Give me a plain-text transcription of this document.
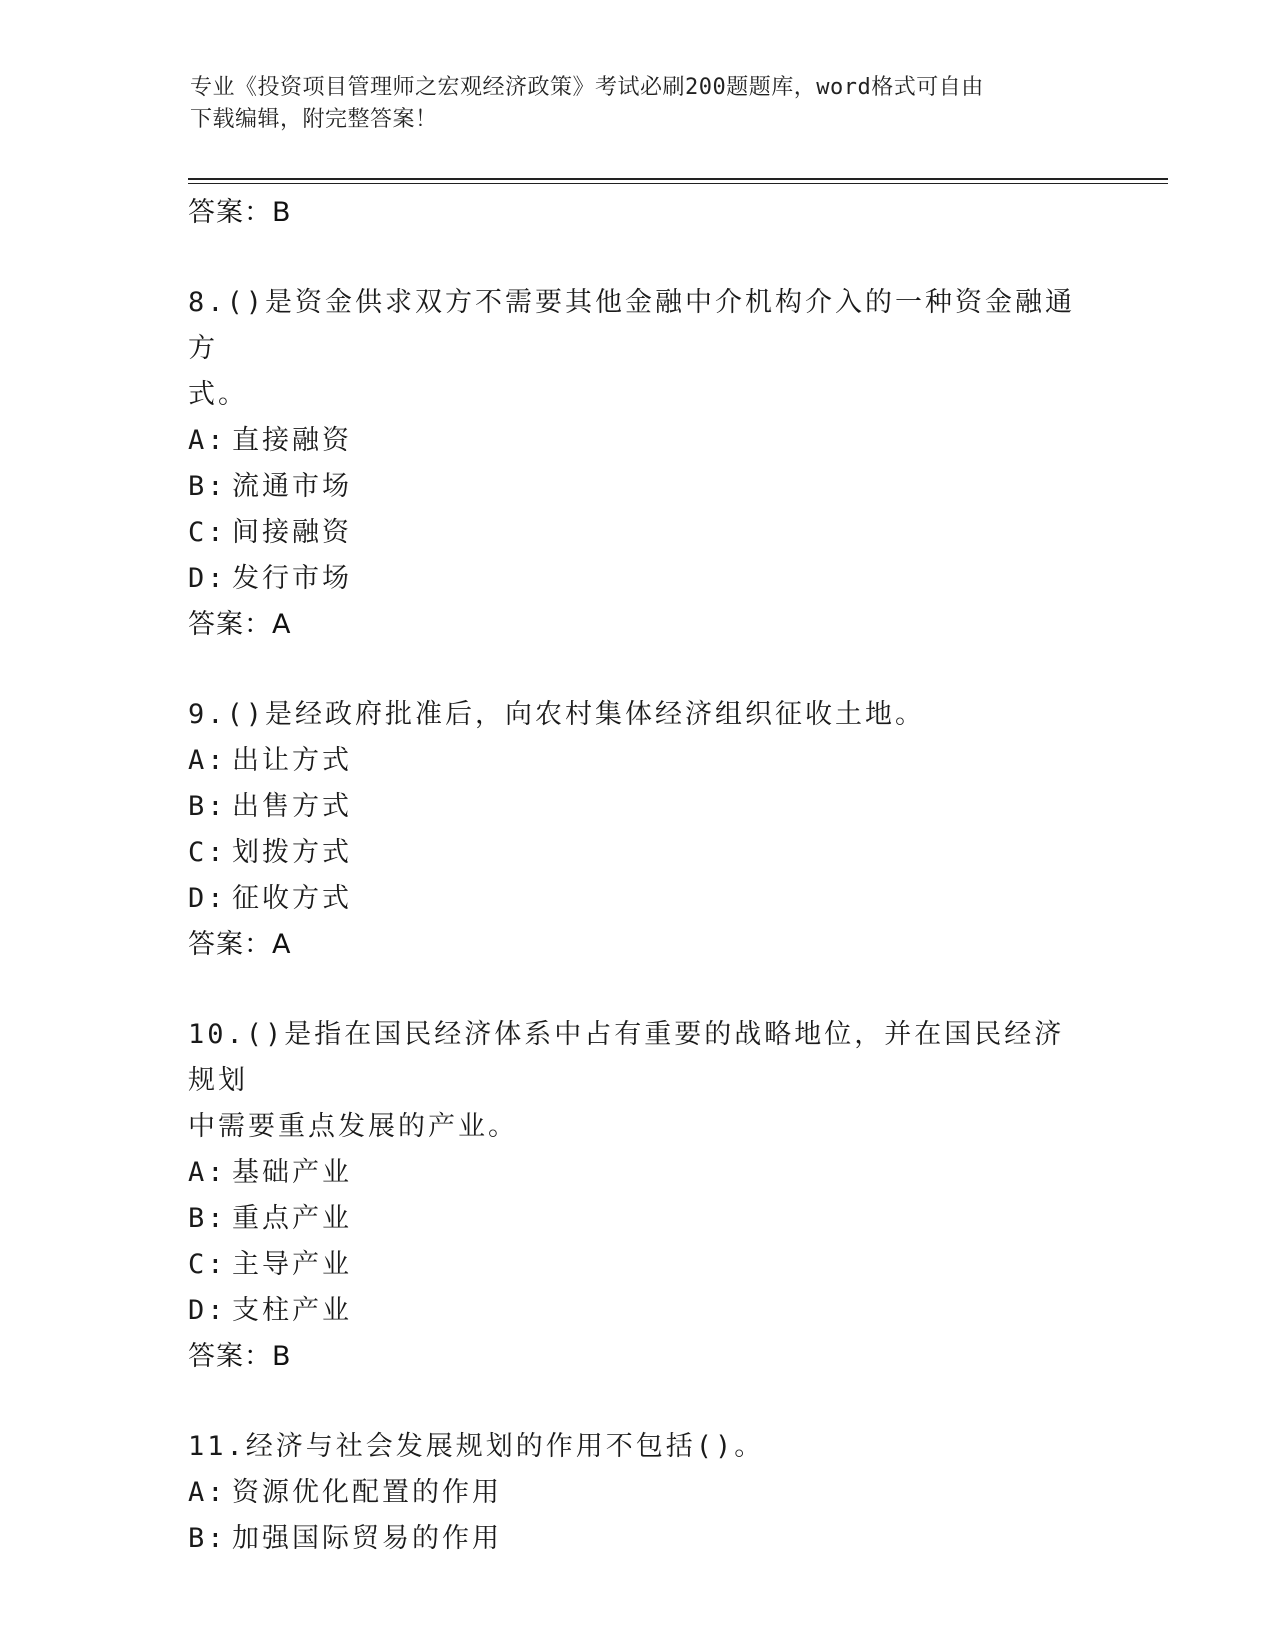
专业《投资项目管理师之宏观经济政策》考试必刷200题题库，word格式可自由
下载编辑，附完整答案！
答案：B
8.()是资金供求双方不需要其他金融中介机构介入的一种资金融通方
式。
A: 直接融资
B: 流通市场
C: 间接融资
D: 发行市场
答案：A
9.()是经政府批准后，向农村集体经济组织征收土地。
A: 出让方式
B: 出售方式
C: 划拨方式
D: 征收方式
答案：A
10.()是指在国民经济体系中占有重要的战略地位，并在国民经济规划
中需要重点发展的产业。
A: 基础产业
B: 重点产业
C: 主导产业
D: 支柱产业
答案：B
11.经济与社会发展规划的作用不包括()。
A: 资源优化配置的作用
B: 加强国际贸易的作用
